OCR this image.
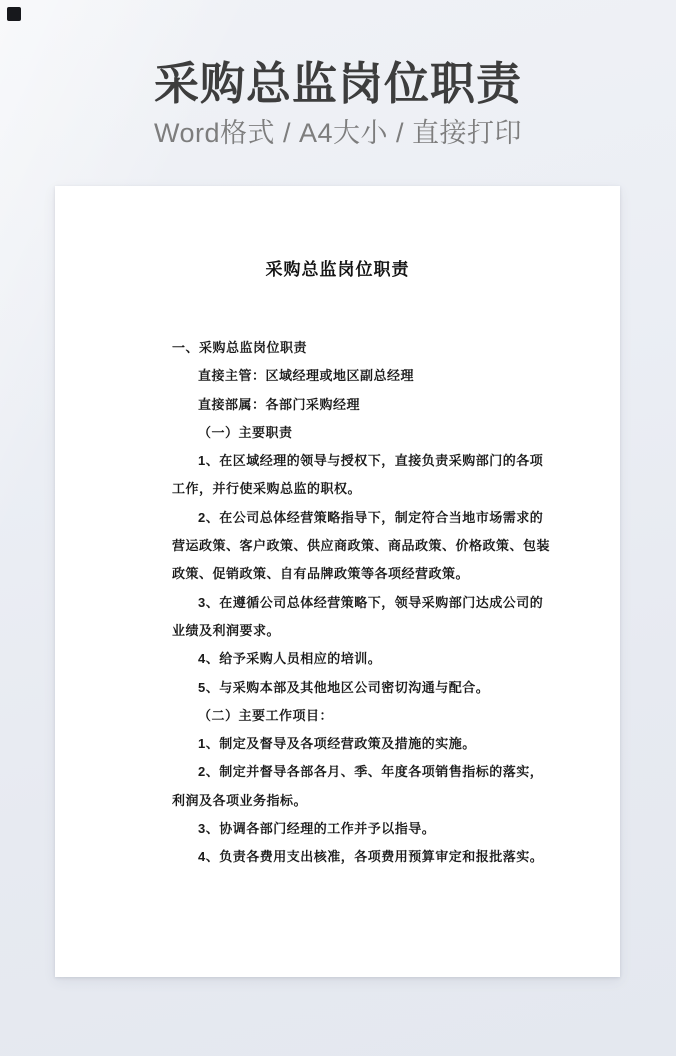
采购总监岗位职责
Word格式 / A4大小 / 直接打印
采购总监岗位职责
一、采购总监岗位职责
直接主管：区域经理或地区副总经理
直接部属：各部门采购经理
（一）主要职责
1、在区域经理的领导与授权下，直接负责采购部门的各项
工作，并行使采购总监的职权。
2、在公司总体经营策略指导下，制定符合当地市场需求的
营运政策、客户政策、供应商政策、商品政策、价格政策、包装
政策、促销政策、自有品牌政策等各项经营政策。
3、在遵循公司总体经营策略下，领导采购部门达成公司的
业绩及利润要求。
4、给予采购人员相应的培训。
5、与采购本部及其他地区公司密切沟通与配合。
（二）主要工作项目：
1、制定及督导及各项经营政策及措施的实施。
2、制定并督导各部各月、季、年度各项销售指标的落实，
利润及各项业务指标。
3、协调各部门经理的工作并予以指导。
4、负责各费用支出核准，各项费用预算审定和报批落实。
